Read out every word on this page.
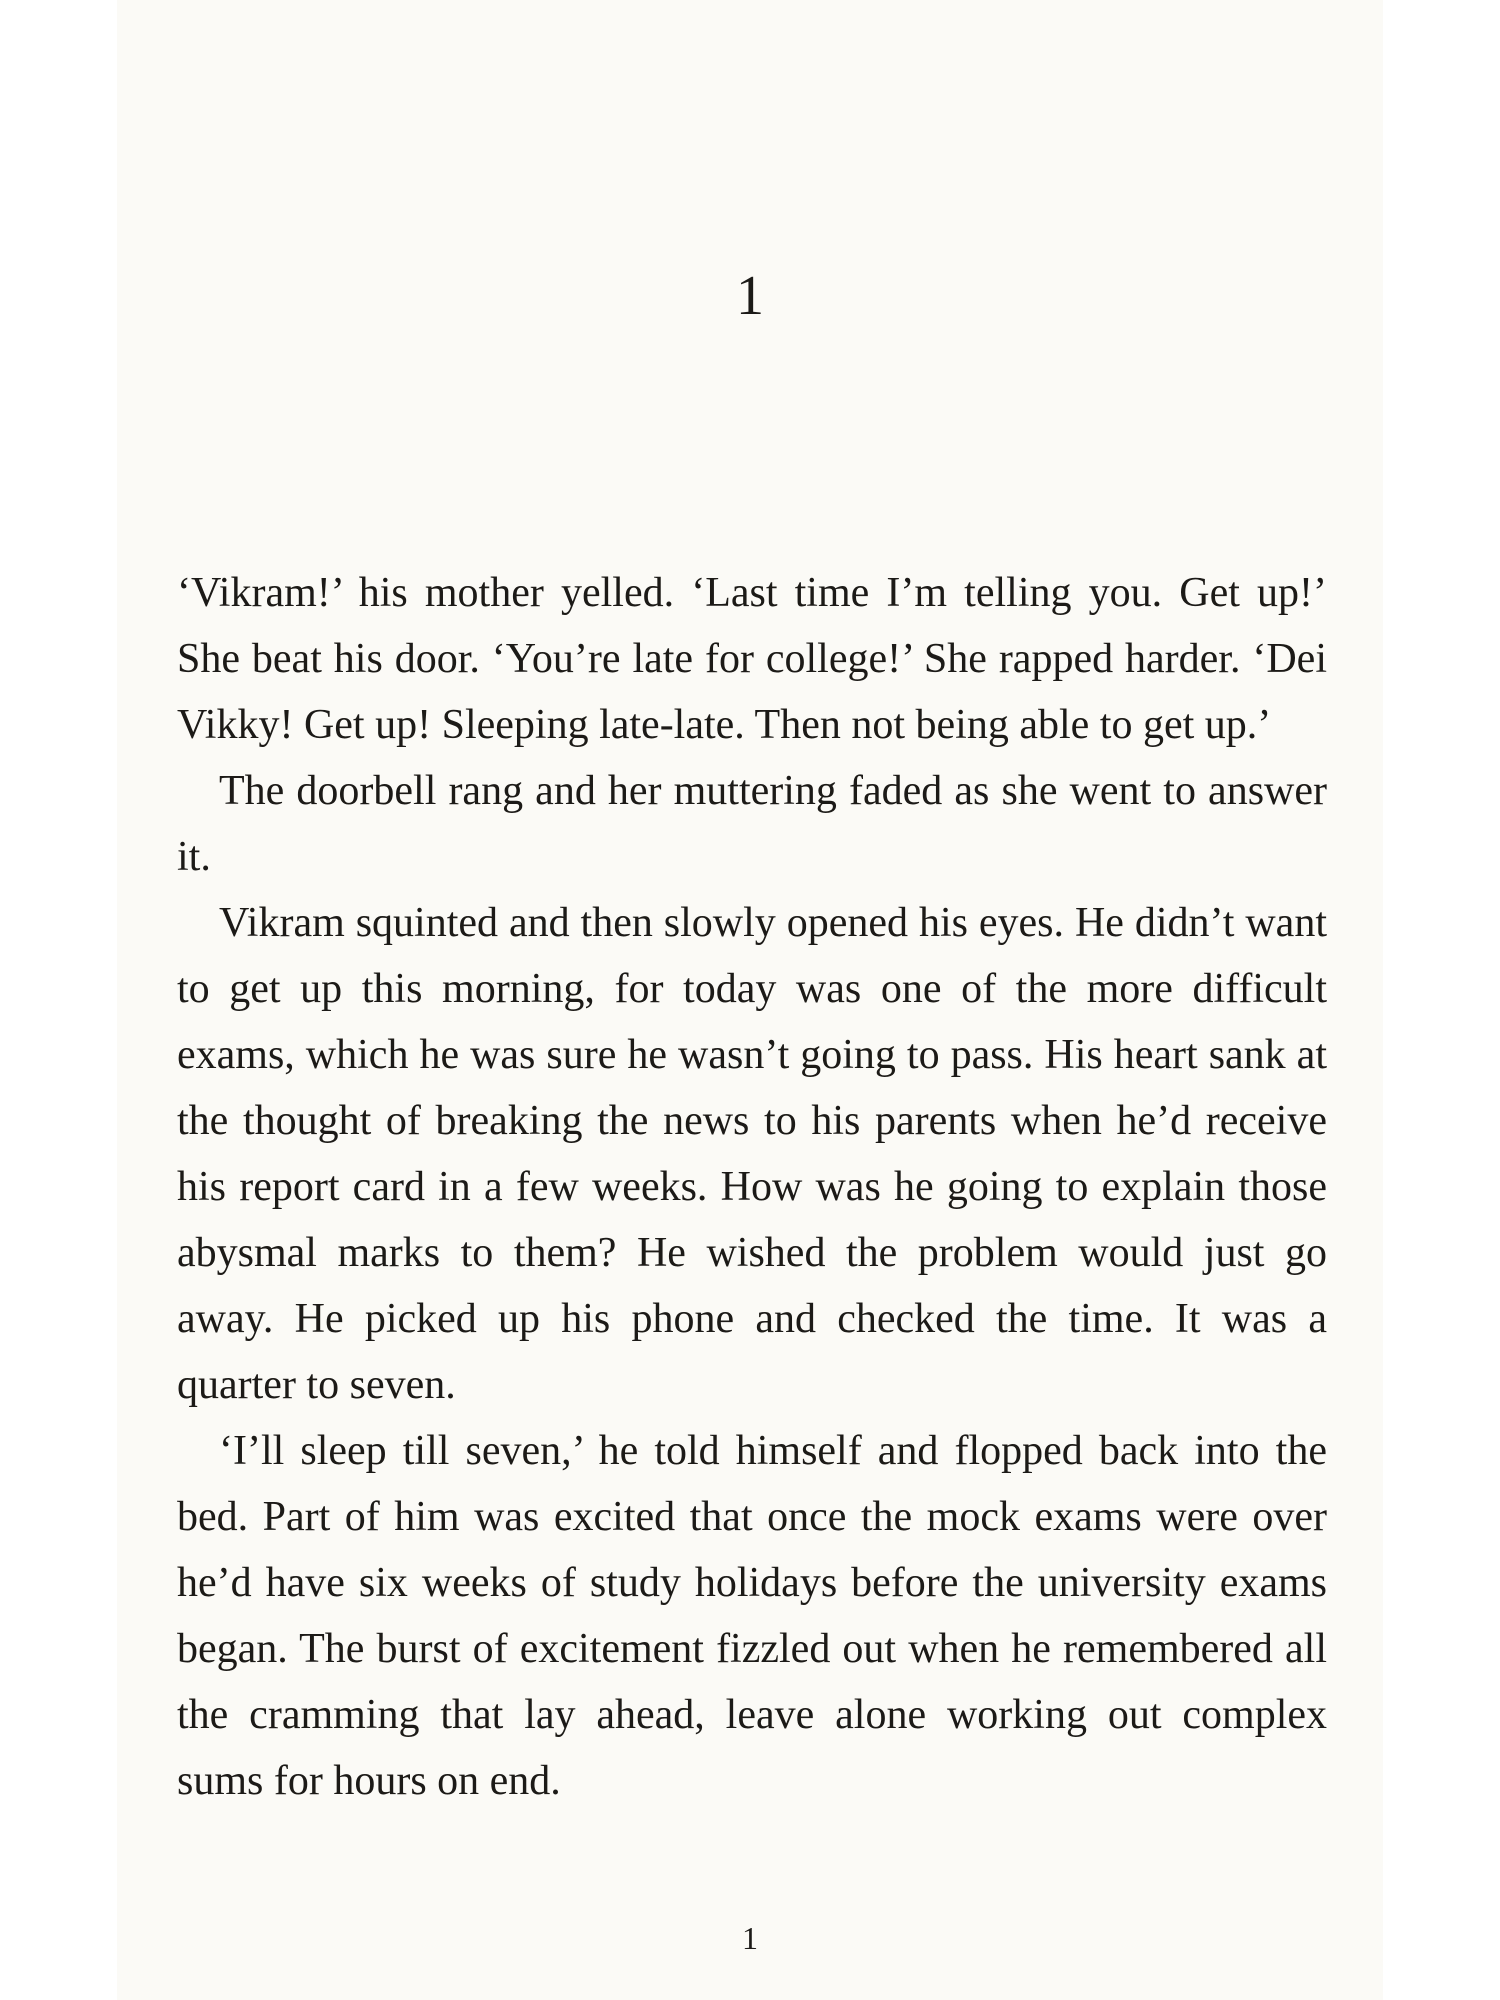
1

‘Vikram!’ his mother yelled. ‘Last time I’m telling you. Get up!’ She beat his door. ‘You’re late for college!’ She rapped harder. ‘Dei Vikky! Get up! Sleeping late-late. Then not being able to get up.’

The doorbell rang and her muttering faded as she went to answer it.

Vikram squinted and then slowly opened his eyes. He didn’t want to get up this morning, for today was one of the more difficult exams, which he was sure he wasn’t going to pass. His heart sank at the thought of breaking the news to his parents when he’d receive his report card in a few weeks. How was he going to explain those abysmal marks to them? He wished the problem would just go away. He picked up his phone and checked the time. It was a quarter to seven.

‘I’ll sleep till seven,’ he told himself and flopped back into the bed. Part of him was excited that once the mock exams were over he’d have six weeks of study holidays before the university exams began. The burst of excitement fizzled out when he remembered all the cramming that lay ahead, leave alone working out complex sums for hours on end.

1
